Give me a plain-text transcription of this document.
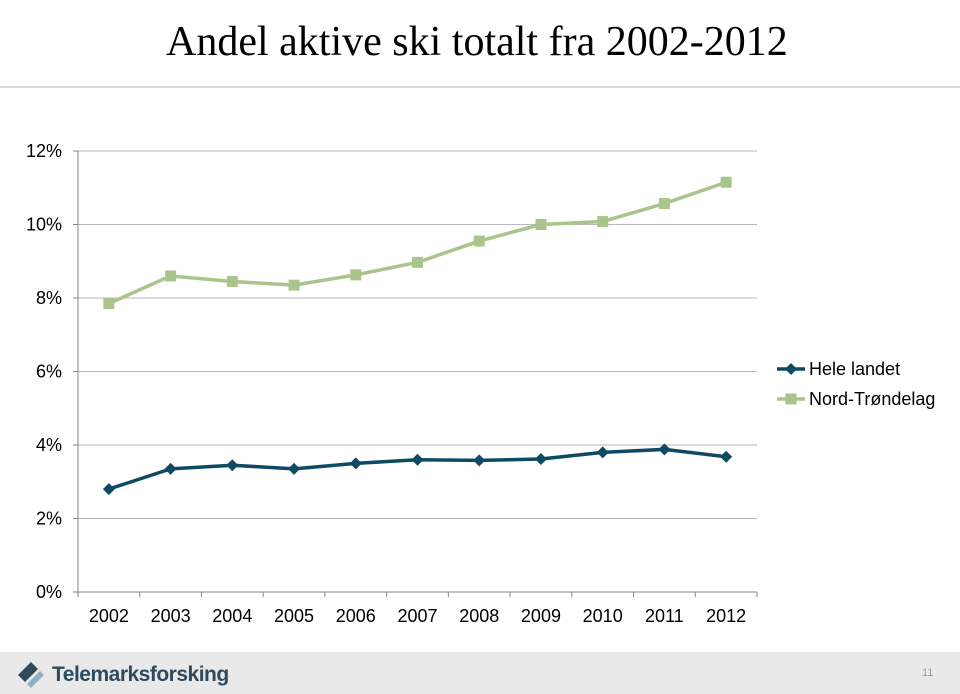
Andel aktive ski totalt fra 2002-2012
0%
2%
4%
6%
8%
10%
12%
2002 2003 2004 2005 2006 2007 2008 2009 2010 2011 2012
Hele landet
Nord-Trøndelag
Telemarksforsking	11
